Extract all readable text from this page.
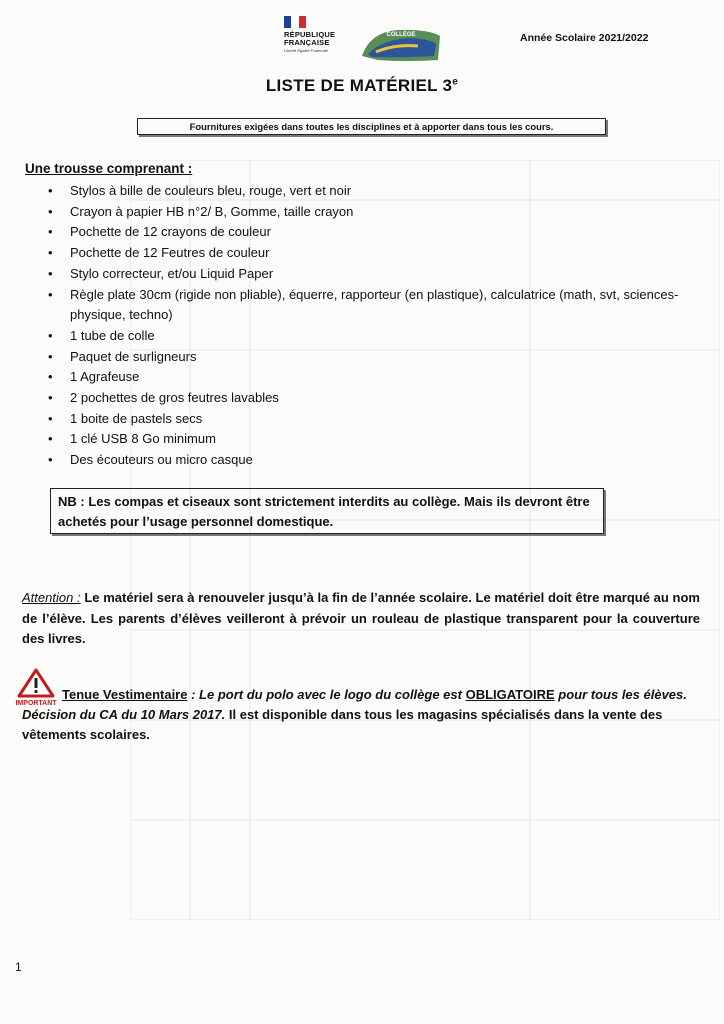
RÉPUBLIQUE
FRANÇAISE
Liberté Égalité Fraternité
COLLÈGE	Année Scolaire 2021/2022
LISTE DE MATÉRIEL 3e
Fournitures exigées dans toutes les disciplines et à apporter dans tous les cours.
Une trousse comprenant :
• Stylos à bille de couleurs bleu, rouge, vert et noir
• Crayon à papier HB n°2/ B, Gomme, taille crayon
• Pochette de 12 crayons de couleur
• Pochette de 12 Feutres de couleur
• Stylo correcteur, et/ou Liquid Paper
• Règle plate 30cm (rigide non pliable), équerre, rapporteur (en plastique), calculatrice (math, svt, sciences-physique, techno)
• 1 tube de colle
• Paquet de surligneurs
• 1 Agrafeuse
• 2 pochettes de gros feutres lavables
• 1 boite de pastels secs
• 1 clé USB 8 Go minimum
• Des écouteurs ou micro casque
NB : Les compas et ciseaux sont strictement interdits au collège. Mais ils devront être achetés pour l’usage personnel domestique.
Attention : Le matériel sera à renouveler jusqu’à la fin de l’année scolaire. Le matériel doit être marqué au nom de l’élève. Les parents d’élèves veilleront à prévoir un rouleau de plastique transparent pour la couverture des livres.
IMPORTANT
Tenue Vestimentaire : Le port du polo avec le logo du collège est OBLIGATOIRE pour tous les élèves.
Décision du CA du 10 Mars 2017. Il est disponible dans tous les magasins spécialisés dans la vente des vêtements scolaires.
1
